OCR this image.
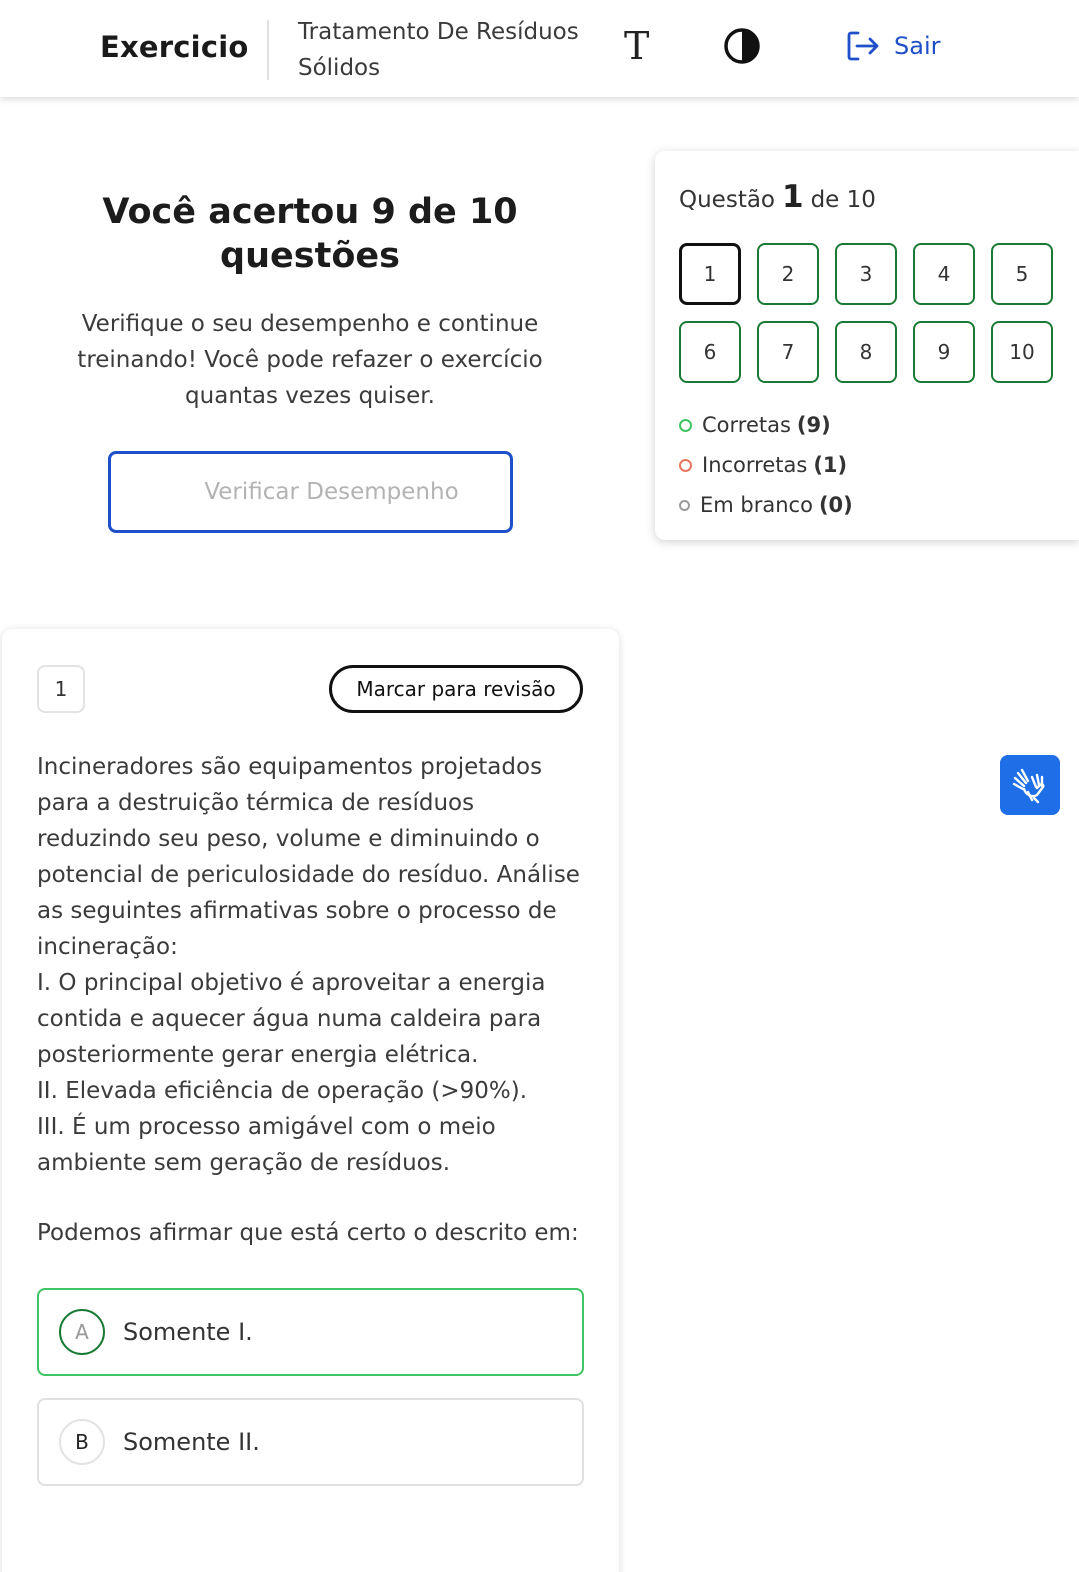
Exercicio Tratamento De Resíduos
Sólidos	T	Sair
Você acertou 9 de 10
questões
Verifique o seu desempenho e continue
treinando! Você pode refazer o exercício
quantas vezes quiser.
Verificar Desempenho
Questão 1 de 10
1	2	3	4	5
6	7	8	9	10
Corretas (9)
Incorretas (1)
Em branco (0)
1	Marcar para revisão

Incineradores são equipamentos projetados

para a destruição térmica de resíduos

reduzindo seu peso, volume e diminuindo o

potencial de periculosidade do resíduo. Análise

as seguintes afirmativas sobre o processo de

incineração:

I. O principal objetivo é aproveitar a energia

contida e aquecer água numa caldeira para

posteriormente gerar energia elétrica.

II. Elevada eficiência de operação (>90%).

III. É um processo amigável com o meio

ambiente sem geração de resíduos.

Podemos afirmar que está certo o descrito em:
A	Somente I.
B	Somente II.
